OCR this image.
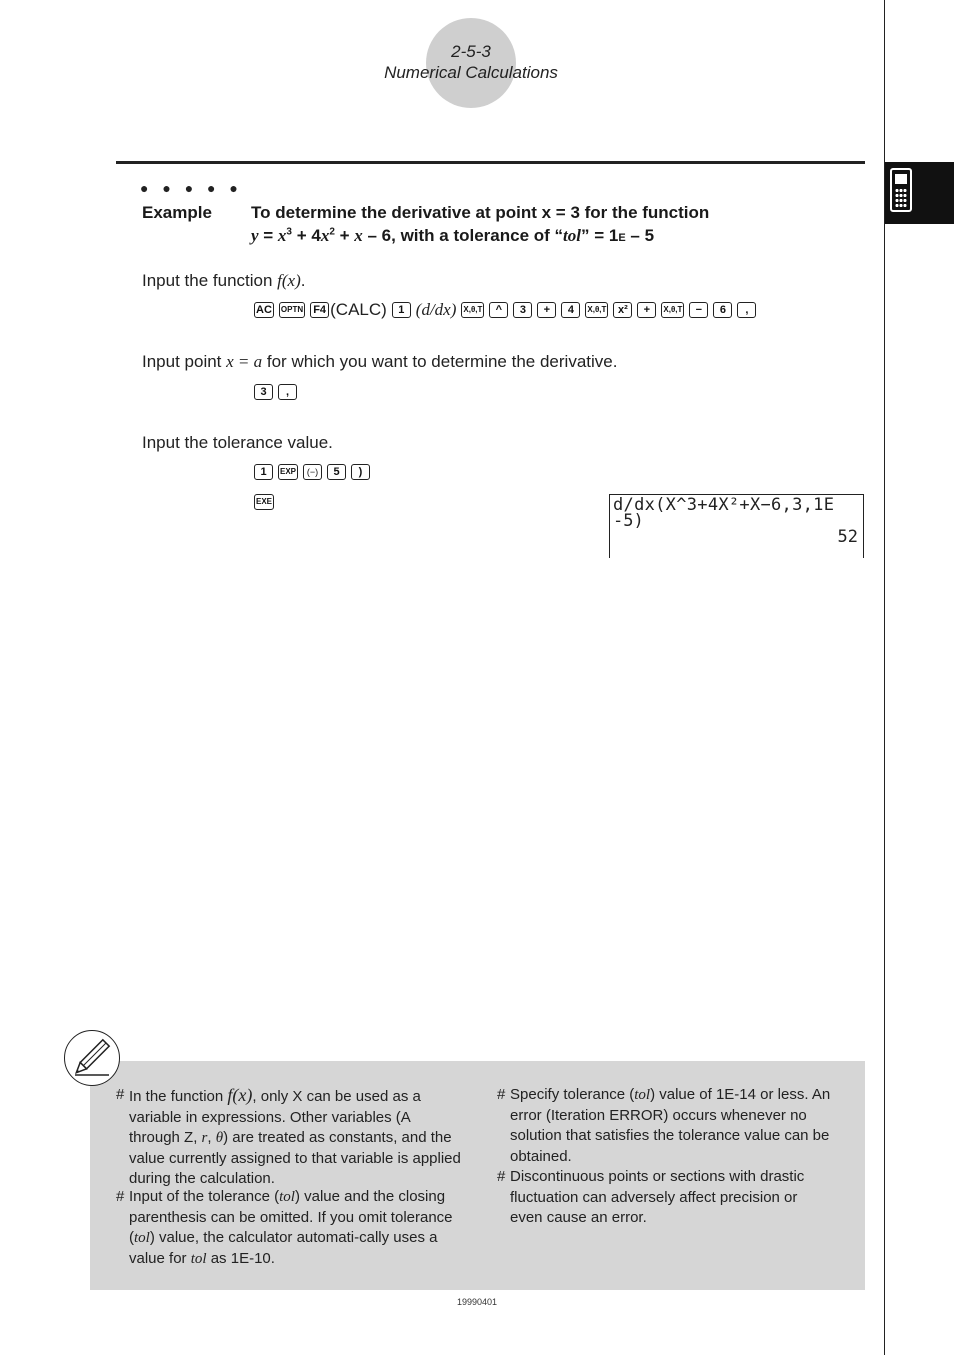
2-5-3
Numerical Calculations
● ● ● ● ●
Example To determine the derivative at point x = 3 for the function
$y = x^3 + 4x^2 + x - 6$, with a tolerance of “tol” = 1E – 5
Input the function f(x).
AC OPTN F4 (CALC)	1 (d/dx) X,θ,T	^	3	+	4	X,θ,T	x²	+	X,θ,T	−	6	,
Input point x = a for which you want to determine the derivative.
3	,
Input the tolerance value.
1	EXP	(−)	5	)
EXE	d/dx(X^3+4X²+X−6,3,1E
-5)
52
# In the function f(x), only X can be used as a variable in expressions. Other variables (A through Z, r, θ) are treated as constants, and the value currently assigned to that variable is applied during the calculation.
# Input of the tolerance (tol) value and the closing parenthesis can be omitted. If you omit tolerance (tol) value, the calculator automati-cally uses a value for tol as 1E-10.
# Specify tolerance (tol) value of 1E-14 or less. An error (Iteration ERROR) occurs whenever no solution that satisfies the tolerance value can be obtained.
# Discontinuous points or sections with drastic fluctuation can adversely affect precision or even cause an error.
19990401
